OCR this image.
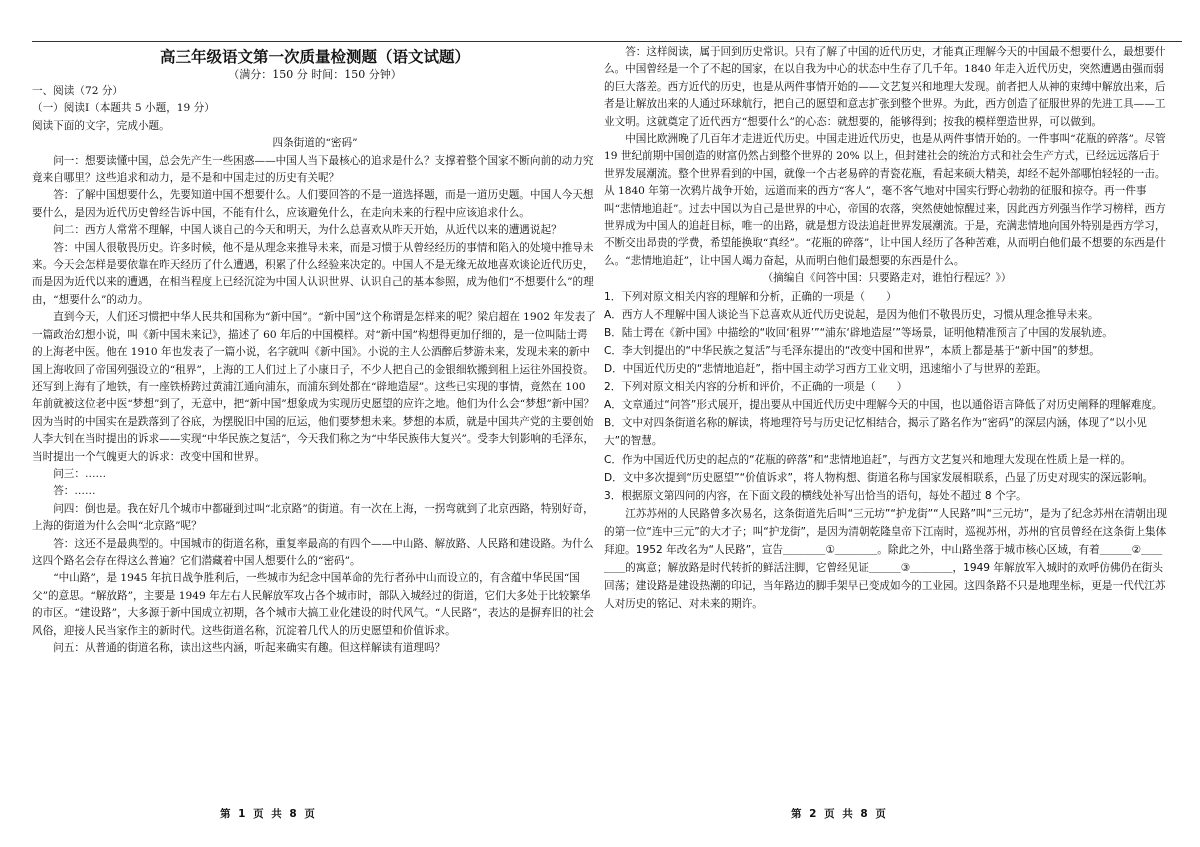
高三年级语文第一次质量检测题（语文试题）
（满分：150 分 时间：150 分钟）

一、阅读（72 分）

（一）阅读Ⅰ（本题共 5 小题，19 分）

阅读下面的文字，完成小题。

四条街道的“密码”

问一：想要读懂中国，总会先产生一些困惑——中国人当下最核心的追求是什么？支撑着整个国家不断向前的动力究竟来自哪里？这些追求和动力，是不是和中国走过的历史有关呢？

答：了解中国想要什么，先要知道中国不想要什么。人们要回答的不是一道选择题，而是一道历史题。中国人今天想要什么，是因为近代历史曾经告诉中国，不能有什么，应该避免什么，在走向未来的行程中应该追求什么。

问二：西方人常常不理解，中国人谈自己的今天和明天，为什么总喜欢从昨天开始，从近代以来的遭遇说起？

答：中国人很敬畏历史。许多时候，他不是从理念来推导未来，而是习惯于从曾经经历的事情和陷入的处境中推导未来。今天会怎样是要依靠在昨天经历了什么遭遇，积累了什么经验来决定的。中国人不是无缘无故地喜欢谈论近代历史，而是因为近代以来的遭遇，在相当程度上已经沉淀为中国人认识世界、认识自己的基本参照，成为他们“不想要什么”的理由，“想要什么”的动力。

直到今天，人们还习惯把中华人民共和国称为“新中国”。“新中国”这个称谓是怎样来的呢？梁启超在 1902 年发表了一篇政治幻想小说，叫《新中国未来记》，描述了 60 年后的中国模样。对“新中国”构想得更加仔细的，是一位叫陆士谔的上海老中医。他在 1910 年也发表了一篇小说，名字就叫《新中国》。小说的主人公酒醉后梦游未来，发现未来的新中国上海收回了帝国列强设立的“租界”，上海的工人们过上了小康日子，不少人把自己的金银细软搬到租上运往外国投资。还写到上海有了地铁，有一座铁桥跨过黄浦江通向浦东，而浦东到处都在“辟地造屋”。这些已实现的事情，竟然在 100 年前就被这位老中医“梦想”到了，无意中，把“新中国”想象成为实现历史愿望的应许之地。他们为什么会“梦想”新中国？因为当时的中国实在是跌落到了谷底，为摆脱旧中国的厄运，他们要梦想未来。梦想的本质，就是中国共产党的主要创始人李大钊在当时提出的诉求——实现“中华民族之复活”，今天我们称之为“中华民族伟大复兴”。受李大钊影响的毛泽东，当时提出一个气魄更大的诉求：改变中国和世界。

问三：……

答：……

问四：倒也是。我在好几个城市中都碰到过叫“北京路”的街道。有一次在上海，一拐弯就到了北京西路，特别好奇，上海的街道为什么会叫“北京路”呢？

答：这还不是最典型的。中国城市的街道名称，重复率最高的有四个——中山路、解放路、人民路和建设路。为什么这四个路名会存在得这么普遍？它们潜藏着中国人想要什么的“密码”。

“中山路”，是 1945 年抗日战争胜利后，一些城市为纪念中国革命的先行者孙中山而设立的，有含蕴中华民国“国父”的意思。“解放路”，主要是 1949 年左右人民解放军攻占各个城市时，部队入城经过的街道，它们大多处于比较繁华的市区。“建设路”，大多源于新中国成立初期，各个城市大搞工业化建设的时代风气。“人民路”，表达的是摒弃旧的社会风俗，迎接人民当家作主的新时代。这些街道名称，沉淀着几代人的历史愿望和价值诉求。

问五：从普通的街道名称，读出这些内涵，听起来确实有趣。但这样解读有道理吗？

答：这样阅读，属于回到历史常识。只有了解了中国的近代历史，才能真正理解今天的中国最不想要什么，最想要什么。中国曾经是一个了不起的国家，在以自我为中心的状态中生存了几千年。1840 年走入近代历史，突然遭遇由强而弱的巨大落差。西方近代的历史，也是从两件事情开始的——文艺复兴和地理大发现。前者把人从神的束缚中解放出来，后者是让解放出来的人通过环球航行，把自己的愿望和意志扩张到整个世界。为此，西方创造了征服世界的先进工具——工业文明。这就奠定了近代西方“想要什么”的心态：就想要的，能够得到；按我的模样塑造世界，可以做到。

中国比欧洲晚了几百年才走进近代历史。中国走进近代历史，也是从两件事情开始的。一件事叫“花瓶的碎落”。尽管 19 世纪前期中国创造的财富仍然占到整个世界的 20% 以上，但封建社会的统治方式和社会生产方式，已经远远落后于世界发展潮流。整个世界看到的中国，就像一个古老易碎的青瓷花瓶，看起来硕大精美，却经不起外部哪怕轻轻的一击。从 1840 年第一次鸦片战争开始，远道而来的西方“客人”，毫不客气地对中国实行野心勃勃的征服和掠夺。再一件事叫“悲情地追赶”。过去中国以为自己是世界的中心，帝国的农落，突然使她惊醒过来，因此西方列强当作学习榜样，西方世界成为中国人的追赶目标，唯一的出路，就是想方设法追赶世界发展潮流。于是，充满悲情地向国外特别是西方学习，不断交出昂贵的学费，希望能换取“真经”。“花瓶的碎落”，让中国人经历了各种苦难，从而明白他们最不想要的东西是什么。“悲情地追赶”，让中国人竭力奋起，从而明白他们最想要的东西是什么。

（摘编自《问答中国：只要路走对，谁怕行程远？》）

1．下列对原文相关内容的理解和分析，正确的一项是（　　）

A．西方人不理解中国人谈论当下总喜欢从近代历史说起，是因为他们不敬畏历史，习惯从理念推导未来。

B．陆士谔在《新中国》中描绘的“收回‘租界’”“浦东‘辟地造屋’”等场景，证明他精准预言了中国的发展轨迹。

C．李大钊提出的“中华民族之复活”与毛泽东提出的“改变中国和世界”，本质上都是基于“新中国”的梦想。

D．中国近代历史的“悲情地追赶”，指中国主动学习西方工业文明，迅速缩小了与世界的差距。

2．下列对原文相关内容的分析和评价，不正确的一项是（　　）

A．文章通过“问答”形式展开，提出要从中国近代历史中理解今天的中国，也以通俗语言降低了对历史阐释的理解难度。

B．文中对四条街道名称的解读，将地理符号与历史记忆相结合，揭示了路名作为“密码”的深层内涵，体现了“以小见大”的智慧。

C．作为中国近代历史的起点的“花瓶的碎落”和“悲情地追赶”，与西方文艺复兴和地理大发现在性质上是一样的。

D．文中多次提到“历史愿望”“价值诉求”，将人物构想、街道名称与国家发展相联系，凸显了历史对现实的深远影响。

3．根据原文第四问的内容，在下面文段的横线处补写出恰当的语句，每处不超过 8 个字。

江苏苏州的人民路曾多次易名，这条街道先后叫“三元坊”“护龙街”“人民路”叫“三元坊”，是为了纪念苏州在清朝出现的第一位“连中三元”的大才子；叫“护龙街”，是因为清朝乾隆皇帝下江南时，巡视苏州，苏州的官员曾经在这条街上集体拜迎。1952 年改名为“人民路”，宣告＿＿＿＿①＿＿＿＿。除此之外，中山路坐落于城市核心区域，有着＿＿＿②＿＿＿＿的寓意；解放路是时代转折的鲜活注脚，它曾经见证＿＿＿③＿＿＿＿，1949 年解放军入城时的欢呼仿佛仍在街头回荡；建设路是建设热潮的印记，当年路边的脚手架早已变成如今的工业园。这四条路不只是地理坐标，更是一代代江苏人对历史的铭记、对未来的期许。

第 1 页 共 8 页	第 2 页 共 8 页
